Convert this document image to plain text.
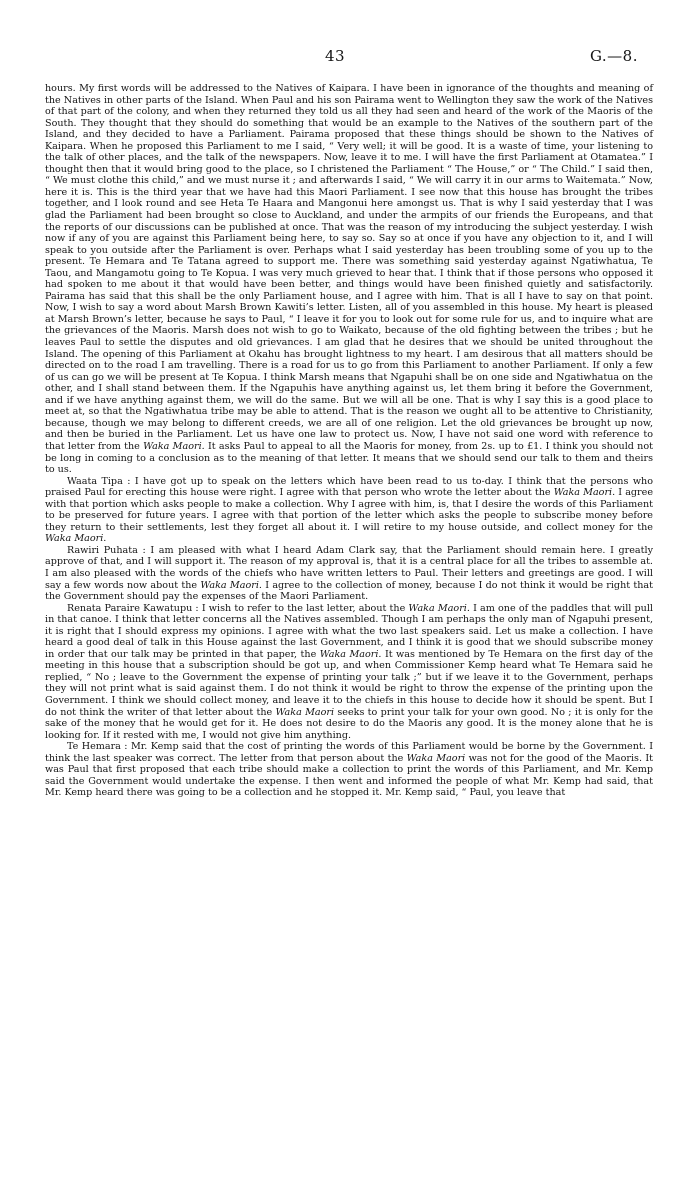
43	G.—8.

hours. My first words will be addressed to the Natives of Kaipara. I have been in ignorance of the thoughts and meaning of the Natives in other parts of the Island. When Paul and his son Pairama went to Wellington they saw the work of the Natives of that part of the colony, and when they returned they told us all they had seen and heard of the work of the Maoris of the South. They thought that they should do something that would be an example to the Natives of the southern part of the Island, and they decided to have a Parliament. Pairama proposed that these things should be shown to the Natives of Kaipara. When he proposed this Parliament to me I said, “ Very well; it will be good. It is a waste of time, your listening to the talk of other places, and the talk of the newspapers. Now, leave it to me. I will have the first Parliament at Otamatea.” I thought then that it would bring good to the place, so I christened the Parliament “ The House,” or “ The Child.” I said then, “ We must clothe this child,” and we must nurse it ; and afterwards I said, “ We will carry it in our arms to Waitemata.” Now, here it is. This is the third year that we have had this Maori Parliament. I see now that this house has brought the tribes together, and I look round and see Heta Te Haara and Mangonui here amongst us. That is why I said yesterday that I was glad the Parliament had been brought so close to Auckland, and under the armpits of our friends the Europeans, and that the reports of our discussions can be published at once. That was the reason of my introducing the subject yesterday. I wish now if any of you are against this Parliament being here, to say so. Say so at once if you have any objection to it, and I will speak to you outside after the Parliament is over. Perhaps what I said yesterday has been troubling some of you up to the present. Te Hemara and Te Tatana agreed to support me. There was something said yesterday against Ngatiwhatua, Te Taou, and Mangamotu going to Te Kopua. I was very much grieved to hear that. I think that if those persons who opposed it had spoken to me about it that would have been better, and things would have been finished quietly and satisfactorily. Pairama has said that this shall be the only Parliament house, and I agree with him. That is all I have to say on that point. Now, I wish to say a word about Marsh Brown Kawiti’s letter. Listen, all of you assembled in this house. My heart is pleased at Marsh Brown’s letter, because he says to Paul, “ I leave it for you to look out for some rule for us, and to inquire what are the grievances of the Maoris. Marsh does not wish to go to Waikato, because of the old fighting between the tribes ; but he leaves Paul to settle the disputes and old grievances. I am glad that he desires that we should be united throughout the Island. The opening of this Parliament at Okahu has brought lightness to my heart. I am desirous that all matters should be directed on to the road I am travelling. There is a road for us to go from this Parliament to another Parliament. If only a few of us can go we will be present at Te Kopua. I think Marsh means that Ngapuhi shall be on one side and Ngatiwhatua on the other, and I shall stand between them. If the Ngapuhis have anything against us, let them bring it before the Government, and if we have anything against them, we will do the same. But we will all be one. That is why I say this is a good place to meet at, so that the Ngatiwhatua tribe may be able to attend. That is the reason we ought all to be attentive to Christianity, because, though we may belong to different creeds, we are all of one religion. Let the old grievances be brought up now, and then be buried in the Parliament. Let us have one law to protect us. Now, I have not said one word with reference to that letter from the Waka Maori. It asks Paul to appeal to all the Maoris for money, from 2s. up to £1. I think you should not be long in coming to a conclusion as to the meaning of that letter. It means that we should send our talk to them and theirs to us.

Waata Tipa : I have got up to speak on the letters which have been read to us to-day. I think that the persons who praised Paul for erecting this house were right. I agree with that person who wrote the letter about the Waka Maori. I agree with that portion which asks people to make a collection. Why I agree with him, is, that I desire the words of this Parliament to be preserved for future years. I agree with that portion of the letter which asks the people to subscribe money before they return to their settlements, lest they forget all about it. I will retire to my house outside, and collect money for the Waka Maori.

Rawiri Puhata : I am pleased with what I heard Adam Clark say, that the Parliament should remain here. I greatly approve of that, and I will support it. The reason of my approval is, that it is a central place for all the tribes to assemble at. I am also pleased with the words of the chiefs who have written letters to Paul. Their letters and greetings are good. I will say a few words now about the Waka Maori. I agree to the collection of money, because I do not think it would be right that the Government should pay the expenses of the Maori Parliament.

Renata Paraire Kawatupu : I wish to refer to the last letter, about the Waka Maori. I am one of the paddles that will pull in that canoe. I think that letter concerns all the Natives assembled. Though I am perhaps the only man of Ngapuhi present, it is right that I should express my opinions. I agree with what the two last speakers said. Let us make a collection. I have heard a good deal of talk in this House against the last Government, and I think it is good that we should subscribe money in order that our talk may be printed in that paper, the Waka Maori. It was mentioned by Te Hemara on the first day of the meeting in this house that a subscription should be got up, and when Commissioner Kemp heard what Te Hemara said he replied, “ No ; leave to the Government the expense of printing your talk ;” but if we leave it to the Government, perhaps they will not print what is said against them. I do not think it would be right to throw the expense of the printing upon the Government. I think we should collect money, and leave it to the chiefs in this house to decide how it should be spent. But I do not think the writer of that letter about the Waka Maori seeks to print your talk for your own good. No ; it is only for the sake of the money that he would get for it. He does not desire to do the Maoris any good. It is the money alone that he is looking for. If it rested with me, I would not give him anything.

Te Hemara : Mr. Kemp said that the cost of printing the words of this Parliament would be borne by the Government. I think the last speaker was correct. The letter from that person about the Waka Maori was not for the good of the Maoris. It was Paul that first proposed that each tribe should make a collection to print the words of this Parliament, and Mr. Kemp said the Government would undertake the expense. I then went and informed the people of what Mr. Kemp had said, that Mr. Kemp heard there was going to be a collection and he stopped it. Mr. Kemp said, “ Paul, you leave that
